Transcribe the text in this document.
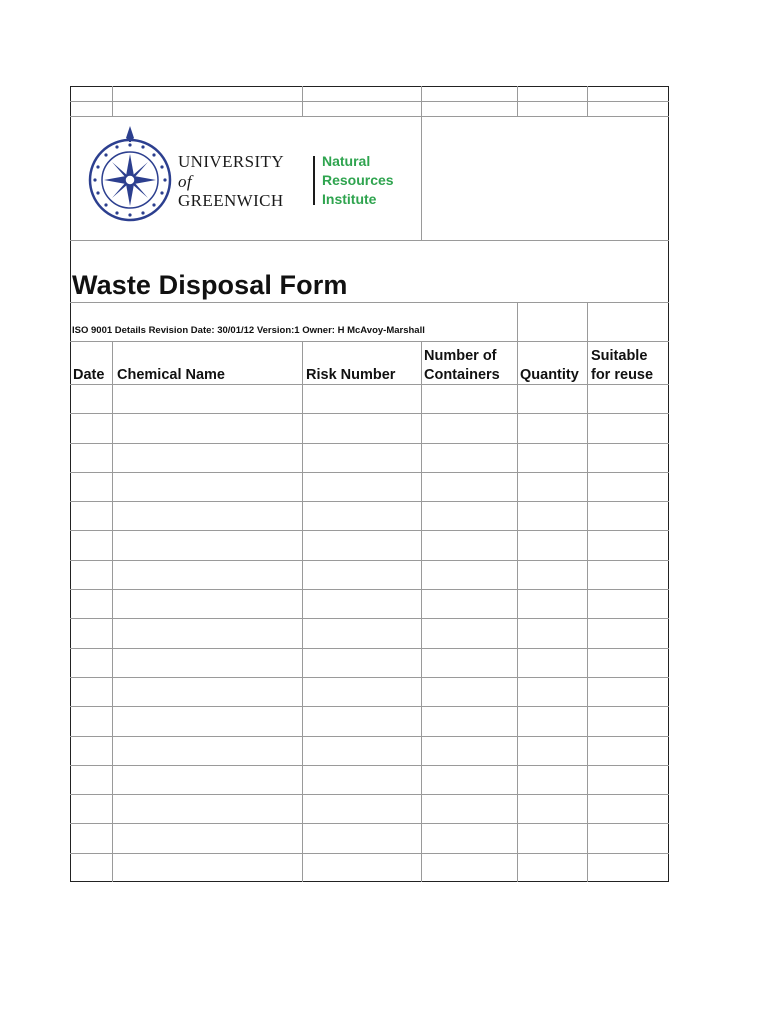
UNIVERSITY
of
GREENWICH
Natural
Resources
Institute
Waste Disposal Form
ISO 9001 Details Revision Date: 30/01/12 Version:1 Owner: H McAvoy-Marshall
Date Chemical Name	Risk Number
Number of
Containers Quantity
Suitable
for reuse
